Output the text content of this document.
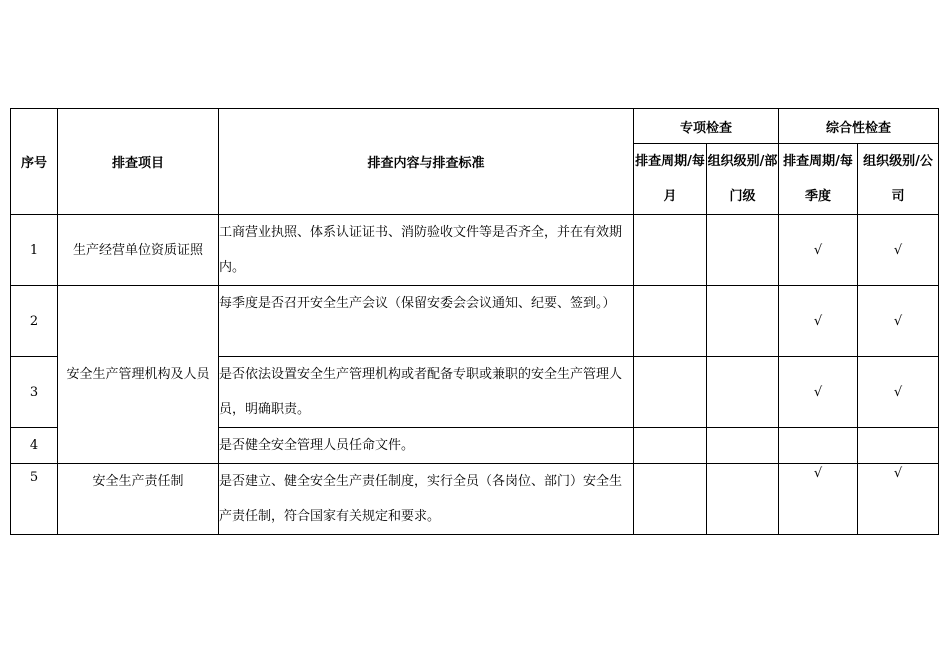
序号	排查项目	排查内容与排查标准	专项检查		综合性检查	
			排查周期/每月	组织级别/部门级	排查周期/每季度	组织级别/公司
1	生产经营单位资质证照	工商营业执照、体系认证证书、消防验收文件等是否齐全，并在有效期内。			√	√
2	安全生产管理机构及人员	每季度是否召开安全生产会议（保留安委会会议通知、纪要、签到。）			√	√
3		是否依法设置安全生产管理机构或者配备专职或兼职的安全生产管理人员，明确职责。			√	√
4		是否健全安全管理人员任命文件。				
5	安全生产责任制	是否建立、健全安全生产责任制度，实行全员（各岗位、部门）安全生产责任制，符合国家有关规定和要求。			√	√
